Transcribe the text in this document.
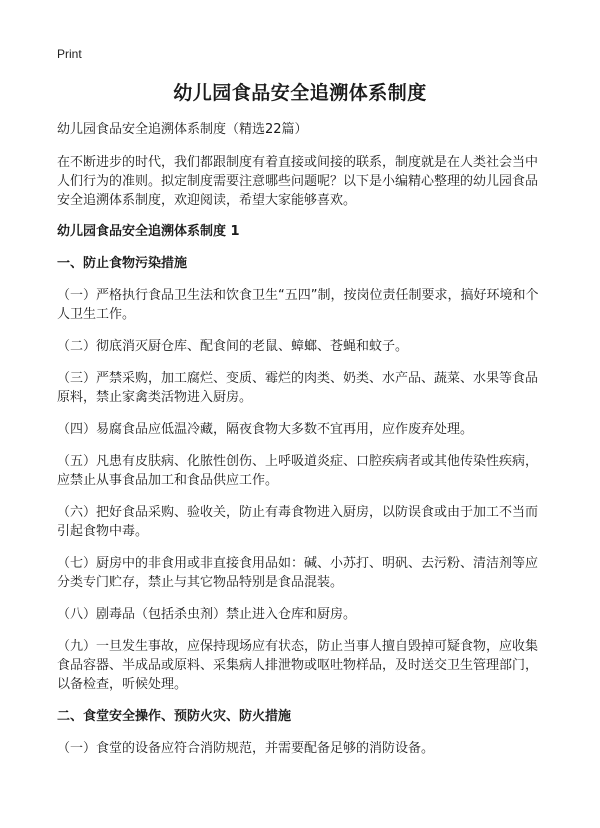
Print
幼儿园食品安全追溯体系制度

幼儿园食品安全追溯体系制度（精选22篇）

在不断进步的时代，我们都跟制度有着直接或间接的联系，制度就是在人类社会当中人们行为的准则。拟定制度需要注意哪些问题呢？以下是小编精心整理的幼儿园食品安全追溯体系制度，欢迎阅读，希望大家能够喜欢。

幼儿园食品安全追溯体系制度 1

一、防止食物污染措施

（一）严格执行食品卫生法和饮食卫生“五四”制，按岗位责任制要求，搞好环境和个人卫生工作。

（二）彻底消灭厨仓库、配食间的老鼠、蟑螂、苍蝇和蚊子。

（三）严禁采购，加工腐烂、变质、霉烂的肉类、奶类、水产品、蔬菜、水果等食品原料，禁止家禽类活物进入厨房。

（四）易腐食品应低温冷藏，隔夜食物大多数不宜再用，应作废弃处理。

（五）凡患有皮肤病、化脓性创伤、上呼吸道炎症、口腔疾病者或其他传染性疾病，应禁止从事食品加工和食品供应工作。

（六）把好食品采购、验收关，防止有毒食物进入厨房，以防误食或由于加工不当而引起食物中毒。

（七）厨房中的非食用或非直接食用品如：碱、小苏打、明矾、去污粉、清洁剂等应分类专门贮存，禁止与其它物品特别是食品混装。

（八）剧毒品（包括杀虫剂）禁止进入仓库和厨房。

（九）一旦发生事故，应保持现场应有状态，防止当事人擅自毁掉可疑食物，应收集食品容器、半成品或原料、采集病人排泄物或呕吐物样品，及时送交卫生管理部门，以备检查，听候处理。

二、食堂安全操作、预防火灾、防火措施

（一）食堂的设备应符合消防规范，并需要配备足够的消防设备。
